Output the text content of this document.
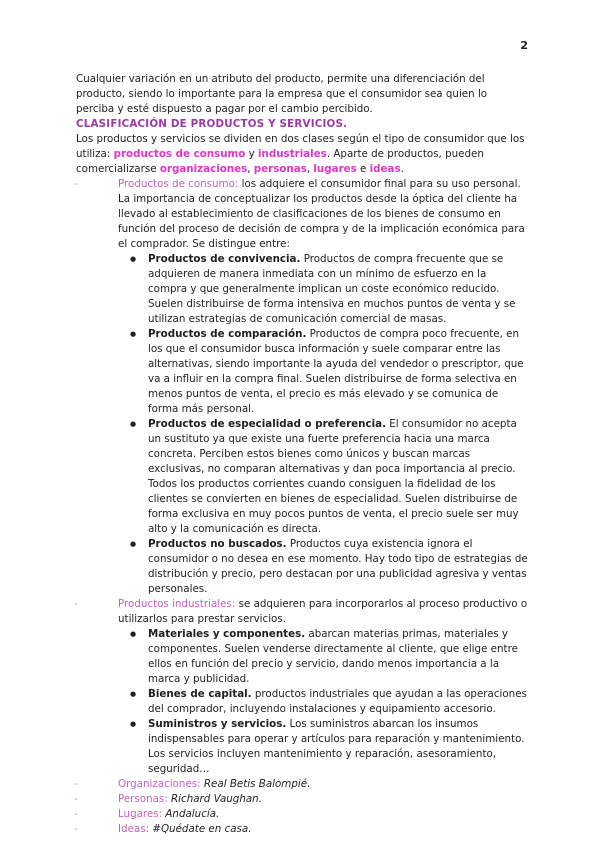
2

Cualquier variación en un atributo del producto, permite una diferenciación del producto, siendo lo importante para la empresa que el consumidor sea quien lo perciba y esté dispuesto a pagar por el cambio percibido.

CLASIFICACIÓN DE PRODUCTOS Y SERVICIOS.

Los productos y servicios se dividen en dos clases según el tipo de consumidor que los utiliza: productos de consumo y industriales. Aparte de productos, pueden comercializarse organizaciones, personas, lugares e ideas.

- Productos de consumo: los adquiere el consumidor final para su uso personal. La importancia de conceptualizar los productos desde la óptica del cliente ha llevado al establecimiento de clasificaciones de los bienes de consumo en función del proceso de decisión de compra y de la implicación económica para el comprador. Se distingue entre:

● Productos de convivencia. Productos de compra frecuente que se adquieren de manera inmediata con un mínimo de esfuerzo en la compra y que generalmente implican un coste económico reducido. Suelen distribuirse de forma intensiva en muchos puntos de venta y se utilizan estrategias de comunicación comercial de masas.
● Productos de comparación. Productos de compra poco frecuente, en los que el consumidor busca información y suele comparar entre las alternativas, siendo importante la ayuda del vendedor o prescriptor, que va a influir en la compra final. Suelen distribuirse de forma selectiva en menos puntos de venta, el precio es más elevado y se comunica de forma más personal.
● Productos de especialidad o preferencia. El consumidor no acepta un sustituto ya que existe una fuerte preferencia hacia una marca concreta. Perciben estos bienes como únicos y buscan marcas exclusivas, no comparan alternativas y dan poca importancia al precio. Todos los productos corrientes cuando consiguen la fidelidad de los clientes se convierten en bienes de especialidad. Suelen distribuirse de forma exclusiva en muy pocos puntos de venta, el precio suele ser muy alto y la comunicación es directa.
● Productos no buscados. Productos cuya existencia ignora el consumidor o no desea en ese momento. Hay todo tipo de estrategias de distribución y precio, pero destacan por una publicidad agresiva y ventas personales.

- Productos industriales: se adquieren para incorporarlos al proceso productivo o utilizarlos para prestar servicios.

● Materiales y componentes. abarcan materias primas, materiales y componentes. Suelen venderse directamente al cliente, que elige entre ellos en función del precio y servicio, dando menos importancia a la marca y publicidad.
● Bienes de capital. productos industriales que ayudan a las operaciones del comprador, incluyendo instalaciones y equipamiento accesorio.
● Suministros y servicios. Los suministros abarcan los insumos indispensables para operar y artículos para reparación y mantenimiento. Los servicios incluyen mantenimiento y reparación, asesoramiento, seguridad…

- Organizaciones: Real Betis Balompié.

- Personas: Richard Vaughan.

- Lugares: Andalucía.

- Ideas: #Quédate en casa.
